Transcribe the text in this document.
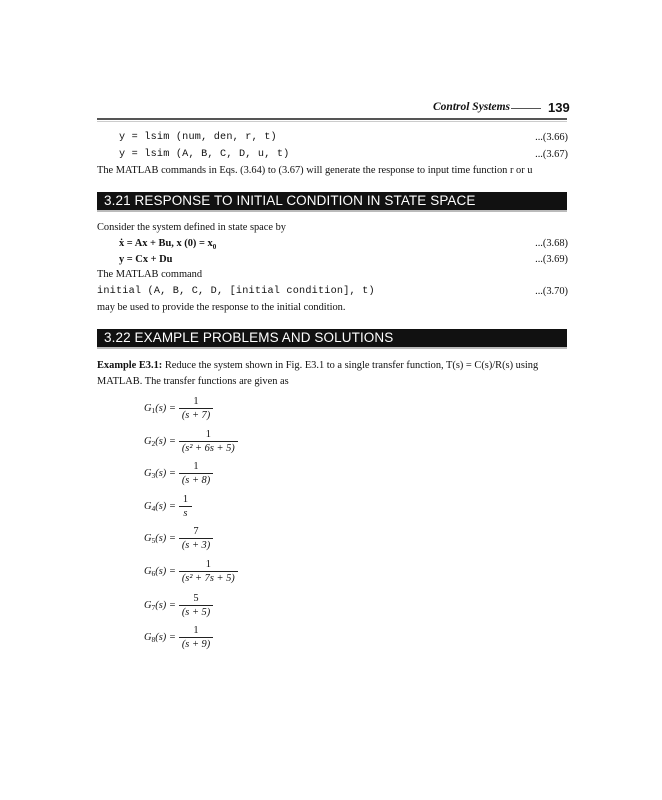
Control Systems	139
y = lsim (num, den, r, t)	...(3.66)
y = lsim (A, B, C, D, u, t)	...(3.67)
The MATLAB commands in Eqs. (3.64) to (3.67) will generate the response to input time function r or u
3.21 RESPONSE TO INITIAL CONDITION IN STATE SPACE
Consider the system defined in state space by
ẋ = Ax + Bu, x $(0) = x_0$	...(3.68)
y = Cx + Du	...(3.69)
The MATLAB command
initial (A, B, C, D, [initial condition], t)	...(3.70)
may be used to provide the response to the initial condition.
3.22 EXAMPLE PROBLEMS AND SOLUTIONS
Example E3.1: Reduce the system shown in Fig. E3.1 to a single transfer function, T(s) = C(s)/R(s) using
MATLAB. The transfer functions are given as
$G_1(s) = \frac{1}{(s + 7)}$
$G_2(s) = \frac{1}{\text{(s² + 6s + 5)}}$
$G_3(s) = \frac{1}{(s + 8)}$
$G_4(s) = \frac{1}{s}$
$G_5(s) = \frac{7}{(s + 3)}$
$G_6(s) = \frac{1}{\text{(s² + 7s + 5)}}$
$G_7(s) = \frac{5}{(s + 5)}$
$G_8(s) = \frac{1}{(s + 9)}$
